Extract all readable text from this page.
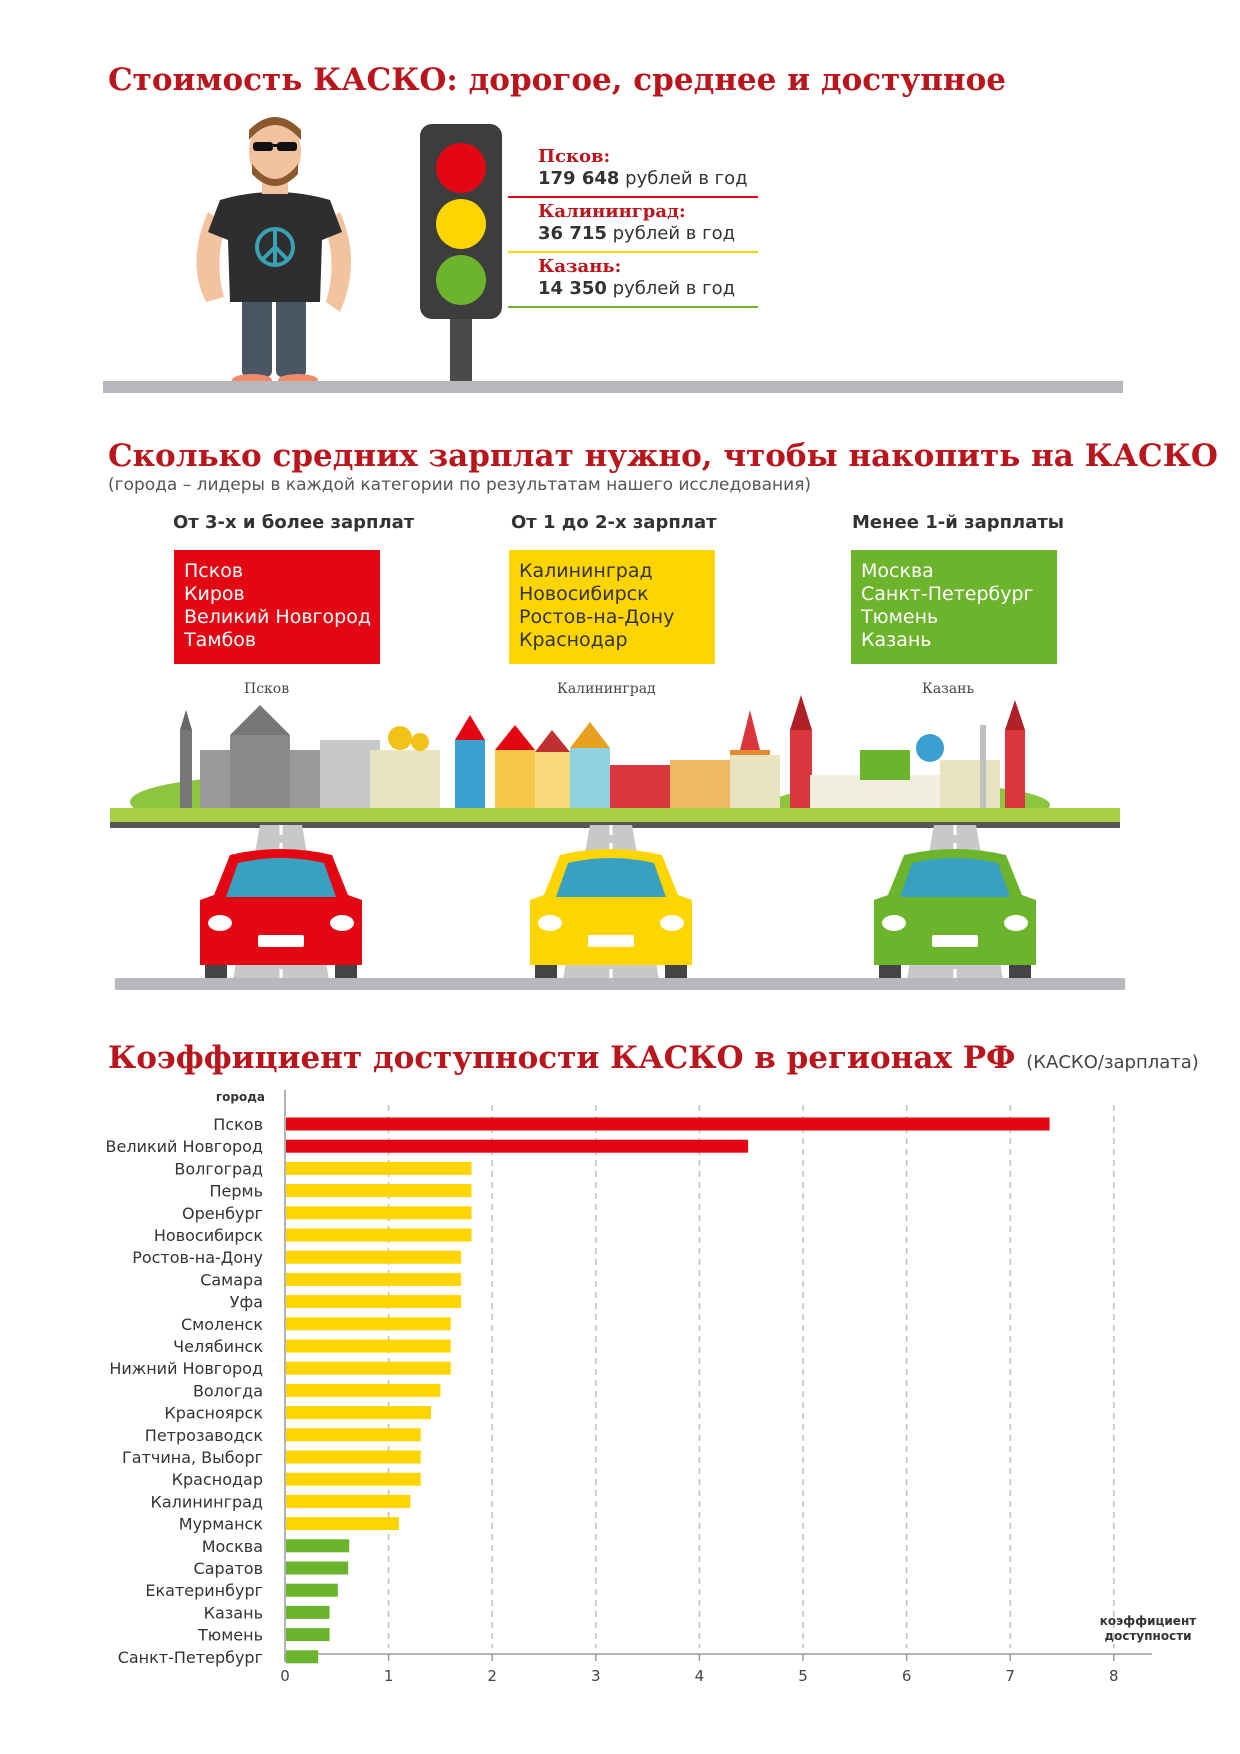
Стоимость КАСКО: дорогое, среднее и доступное
Псков:
179 648 рублей в год
Калининград:
36 715 рублей в год
Казань:
14 350 рублей в год
Сколько средних зарплат нужно, чтобы накопить на КАСКО
(города – лидеры в каждой категории по результатам нашего исследования)
От 3-х и более зарплат	От 1 до 2-х зарплат	Менее 1-й зарплаты
Псков
Киров
Великий Новгород
Тамбов
Калининград
Новосибирск
Ростов-на-Дону
Краснодар
Москва
Санкт-Петербург
Тюмень
Казань
Псков	Калининград	Казань
Коэффициент доступности КАСКО в регионах РФ (КАСКО/зарплата)
0	1	2	3	4	5	6	7	8
города
коэффициент
доступности
Псков
Великий Новгород
Волгоград
Пермь
Оренбург
Новосибирск
Ростов-на-Дону
Самара
Уфа
Смоленск
Челябинск
Нижний Новгород
Вологда
Красноярск
Петрозаводск
Гатчина, Выборг
Краснодар
Калининград
Мурманск
Москва
Саратов
Екатеринбург
Казань
Тюмень
Санкт-Петербург
